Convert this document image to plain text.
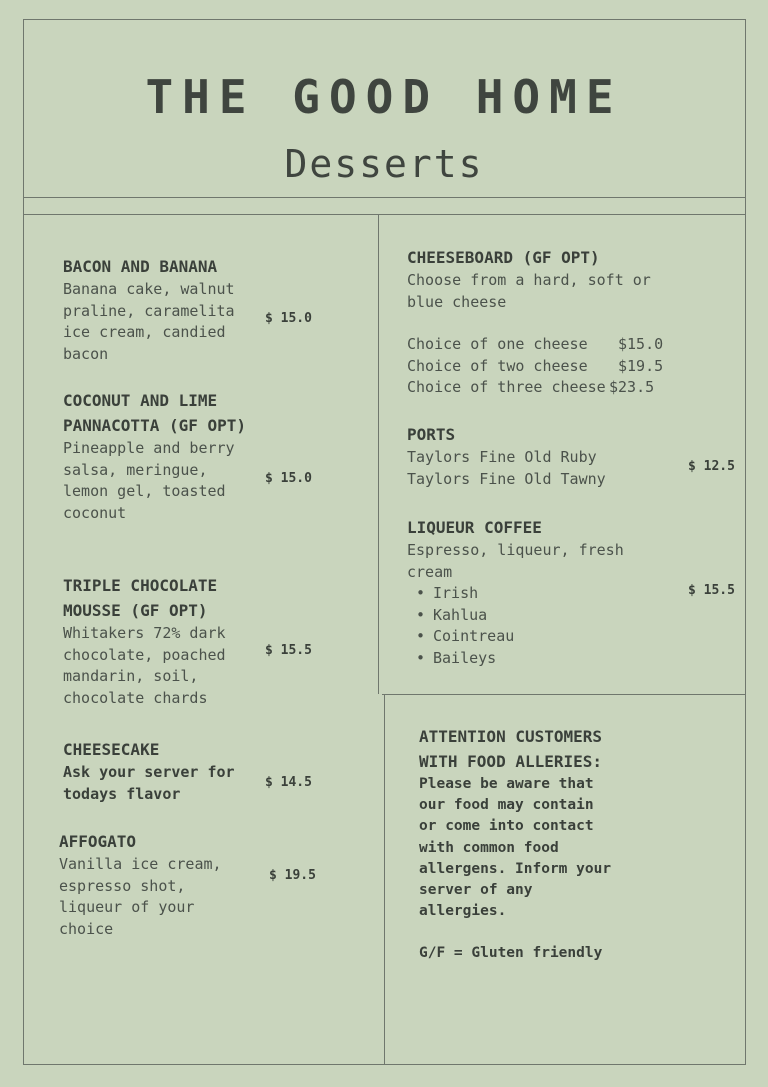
THE GOOD HOME
Desserts
BACON AND BANANA
Banana cake, walnut praline, caramelita ice cream, candied bacon
$ 15.0
COCONUT AND LIME PANNACOTTA (GF OPT)
Pineapple and berry salsa, meringue, lemon gel, toasted coconut
$ 15.0
TRIPLE CHOCOLATE MOUSSE (GF OPT)
Whitakers 72% dark chocolate, poached mandarin, soil, chocolate chards
$ 15.5
CHEESECAKE
Ask your server for todays flavor
$ 14.5
AFFOGATO
Vanilla ice cream, espresso shot, liqueur of your choice
$ 19.5
CHEESEBOARD (GF OPT)
Choose from a hard, soft or blue cheese
Choice of one cheese $15.0
Choice of two cheese $19.5
Choice of three cheese $23.5
PORTS
Taylors Fine Old Ruby
Taylors Fine Old Tawny
$ 12.5
LIQUEUR COFFEE
Espresso, liqueur, fresh cream
• Irish
• Kahlua
• Cointreau
• Baileys
$ 15.5
ATTENTION CUSTOMERS WITH FOOD ALLERIES:
Please be aware that our food may contain or come into contact with common food allergens. Inform your server of any allergies.
G/F = Gluten friendly
